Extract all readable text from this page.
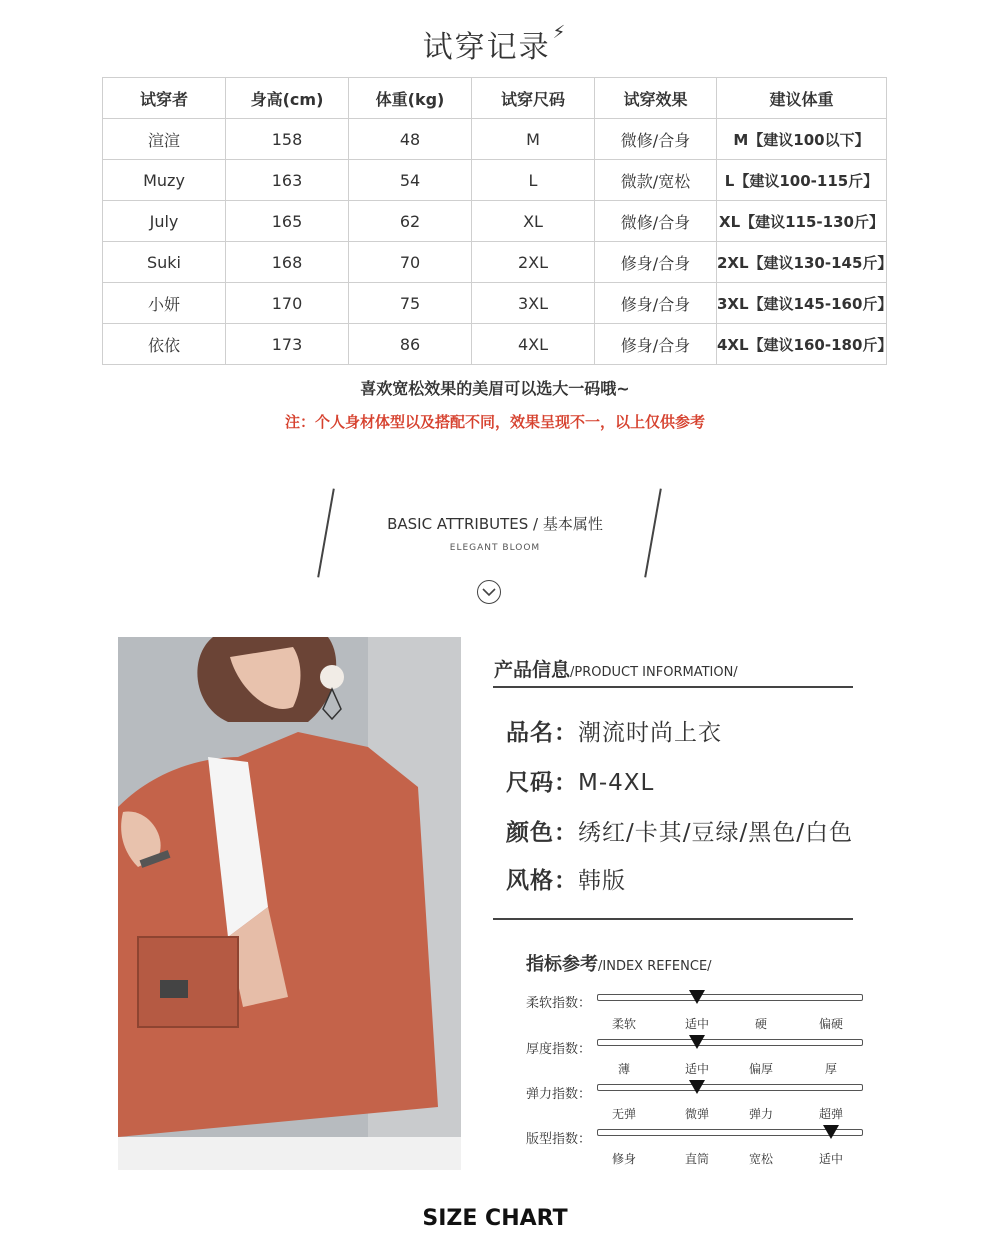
试穿记录 ⚡
试穿者	身高(cm)	体重(kg)	试穿尺码	试穿效果	建议体重
渲渲	158	48	M	微修/合身	M【建议100以下】
Muzy	163	54	L	微款/宽松	L【建议100-115斤】
July	165	62	XL	微修/合身	XL【建议115-130斤】
Suki	168	70	2XL	修身/合身	2XL【建议130-145斤】
小妍	170	75	3XL	修身/合身	3XL【建议145-160斤】
依依	173	86	4XL	修身/合身	4XL【建议160-180斤】
喜欢宽松效果的美眉可以选大一码哦~
注：个人身材体型以及搭配不同，效果呈现不一，以上仅供参考
BASIC ATTRIBUTES / 基本属性
ELEGANT BLOOM
产品信息/PRODUCT INFORMATION/
品名：潮流时尚上衣
尺码：M-4XL
颜色：绣红/卡其/豆绿/黑色/白色
风格：韩版
指标参考/INDEX REFENCE/
柔软指数：
柔软	适中	硬	偏硬
厚度指数：
薄	适中	偏厚	厚
弹力指数：
无弹	微弹	弹力	超弹
版型指数：
修身	直筒	宽松	适中
SIZE CHART
